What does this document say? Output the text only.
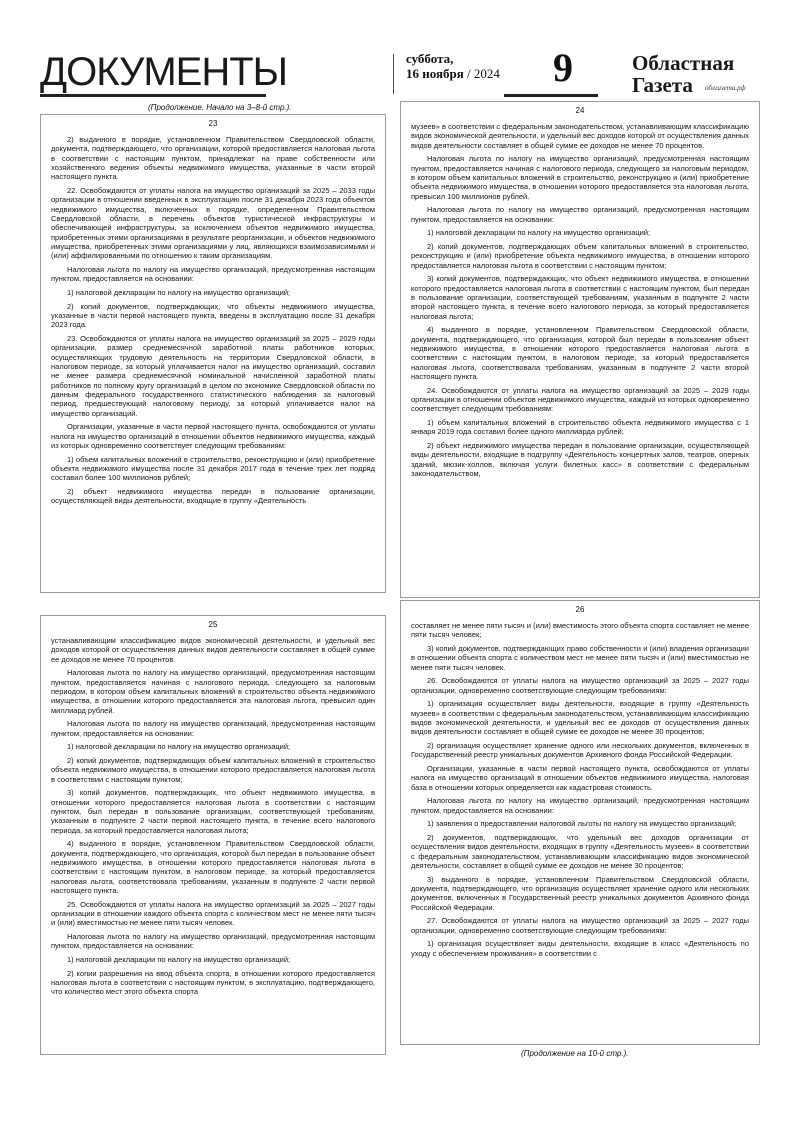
ДОКУМЕНТЫ	суббота,
16 ноября / 2024	9	Областная
Газета облгазета.рф
(Продолжение. Начало на 3–8-й стр.).
23

2) выданного в порядке, установленном Правительством Свердловской области, документа, подтверждающего, что организации, которой предоставляется налоговая льгота в соответствии с настоящим пунктом, принадлежат на праве собственности или хозяйственного ведения объекты недвижимого имущества, указанные в части второй настоящего пункта.

22. Освобождаются от уплаты налога на имущество организаций за 2025 – 2033 годы организации в отношении введенных в эксплуатацию после 31 декабря 2023 года объектов недвижимого имущества, включенных в порядке, определенном Правительством Свердловской области, в перечень объектов туристической инфраструктуры и обеспечивающей инфраструктуры, за исключением объектов недвижимого имущества, приобретенных этими организациями в результате реорганизации, и объектов недвижимого имущества, приобретенных этими организациями у лиц, являющихся взаимозависимыми и (или) аффилированными по отношению к таким организациям.

Налоговая льгота по налогу на имущество организаций, предусмотренная настоящим пунктом, предоставляется на основании:

1) налоговой декларации по налогу на имущество организаций;

2) копий документов, подтверждающих, что объекты недвижимого имущества, указанные в части первой настоящего пункта, введены в эксплуатацию после 31 декабря 2023 года.

23. Освобождаются от уплаты налога на имущество организаций за 2025 – 2029 годы организации, размер среднемесячной заработной платы работников которых, осуществляющих трудовую деятельность на территории Свердловской области, в налоговом периоде, за который уплачивается налог на имущество организаций, составил не менее размера среднемесячной номинальной начисленной заработной платы работников по полному кругу организаций в целом по экономике Свердловской области по данным федерального государственного статистического наблюдения за налоговый период, предшествующий налоговому периоду, за который уплачивается налог на имущество организаций.

Организации, указанные в части первой настоящего пункта, освобождаются от уплаты налога на имущество организаций в отношении объектов недвижимого имущества, каждый из которых одновременно соответствует следующим требованиям:

1) объем капитальных вложений в строительство, реконструкцию и (или) приобретение объекта недвижимого имущества после 31 декабря 2017 года в течение трех лет подряд составил более 100 миллионов рублей;

2) объект недвижимого имущества передан в пользование организации, осуществляющей виды деятельности, входящие в группу «Деятельность

24

музеев» в соответствии с федеральным законодательством, устанавливающим классификацию видов экономической деятельности, и удельный вес доходов которой от осуществления данных видов деятельности составляет в общей сумме ее доходов не менее 70 процентов.

Налоговая льгота по налогу на имущество организаций, предусмотренная настоящим пунктом, предоставляется начиная с налогового периода, следующего за налоговым периодом, в котором объем капитальных вложений в строительство, реконструкцию и (или) приобретение объекта недвижимого имущества, в отношении которого предоставляется эта налоговая льгота, превысил 100 миллионов рублей.

Налоговая льгота по налогу на имущество организаций, предусмотренная настоящим пунктом, предоставляется на основании:

1) налоговой декларации по налогу на имущество организаций;

2) копий документов, подтверждающих объем капитальных вложений в строительство, реконструкцию и (или) приобретение объекта недвижимого имущества, в отношении которого предоставляется налоговая льгота в соответствии с настоящим пунктом;

3) копий документов, подтверждающих, что объект недвижимого имущества, в отношении которого предоставляется налоговая льгота в соответствии с настоящим пунктом, был передан в пользование организации, соответствующей требованиям, указанным в подпункте 2 части второй настоящего пункта, в течение всего налогового периода, за который предоставляется налоговая льгота;

4) выданного в порядке, установленном Правительством Свердловской области, документа, подтверждающего, что организация, которой был передан в пользование объект недвижимого имущества, в отношении которого предоставляется налоговая льгота в соответствии с настоящим пунктом, в налоговом периоде, за который предоставляется налоговая льгота, соответствовала требованиям, указанным в подпункте 2 части второй настоящего пункта.

24. Освобождаются от уплаты налога на имущество организаций за 2025 – 2029 годы организации в отношении объектов недвижимого имущества, каждый из которых одновременно соответствует следующим требованиям:

1) объем капитальных вложений в строительство объекта недвижимого имущества с 1 января 2019 года составил более одного миллиарда рублей;

2) объект недвижимого имущества передан в пользование организации, осуществляющей виды деятельности, входящие в подгруппу «Деятельность концертных залов, театров, оперных зданий, мюзик-холлов, включая услуги билетных касс» в соответствии с федеральным законодательством,

25

устанавливающим классификацию видов экономической деятельности, и удельный вес доходов которой от осуществления данных видов деятельности составляет в общей сумме ее доходов не менее 70 процентов.

Налоговая льгота по налогу на имущество организаций, предусмотренная настоящим пунктом, предоставляется начиная с налогового периода, следующего за налоговым периодом, в котором объем капитальных вложений в строительство объекта недвижимого имущества, в отношении которого предоставляется эта налоговая льгота, превысил один миллиард рублей.

Налоговая льгота по налогу на имущество организаций, предусмотренная настоящим пунктом, предоставляется на основании:

1) налоговой декларации по налогу на имущество организаций;

2) копий документов, подтверждающих объем капитальных вложений в строительство объекта недвижимого имущества, в отношении которого предоставляется налоговая льгота в соответствии с настоящим пунктом;

3) копий документов, подтверждающих, что объект недвижимого имущества, в отношении которого предоставляется налоговая льгота в соответствии с настоящим пунктом, был передан в пользование организации, соответствующей требованиям, указанным в подпункте 2 части первой настоящего пункта, в течение всего налогового периода, за который предоставляется налоговая льгота;

4) выданного в порядке, установленном Правительством Свердловской области, документа, подтверждающего, что организация, которой был передан в пользование объект недвижимого имущества, в отношении которого предоставляется налоговая льгота в соответствии с настоящим пунктом, в налоговом периоде, за который предоставляется налоговая льгота, соответствовала требованиям, указанным в подпункте 2 части первой настоящего пункта.

25. Освобождаются от уплаты налога на имущество организаций за 2025 – 2027 годы организации в отношении каждого объекта спорта с количеством мест не менее пяти тысяч и (или) вместимостью не менее пяти тысяч человек.

Налоговая льгота по налогу на имущество организаций, предусмотренная настоящим пунктом, предоставляется на основании:

1) налоговой декларации по налогу на имущество организаций;

2) копии разрешения на ввод объекта спорта, в отношении которого предоставляется налоговая льгота в соответствии с настоящим пунктом, в эксплуатацию, подтверждающего, что количество мест этого объекта спорта

26

составляет не менее пяти тысяч и (или) вместимость этого объекта спорта составляет не менее пяти тысяч человек;

3) копий документов, подтверждающих право собственности и (или) владения организации в отношении объекта спорта с количеством мест не менее пяти тысяч и (или) вместимостью не менее пяти тысяч человек.

26. Освобождаются от уплаты налога на имущество организаций за 2025 – 2027 годы организации, одновременно соответствующие следующим требованиям:

1) организация осуществляет виды деятельности, входящие в группу «Деятельность музеев» в соответствии с федеральным законодательством, устанавливающим классификацию видов экономической деятельности, и удельный вес ее доходов от осуществления данных видов деятельности составляет в общей сумме ее доходов не менее 30 процентов;

2) организация осуществляет хранение одного или нескольких документов, включенных в Государственный реестр уникальных документов Архивного фонда Российской Федерации.

Организации, указанные в части первой настоящего пункта, освобождаются от уплаты налога на имущество организаций в отношении объектов недвижимого имущества, налоговая база в отношении которых определяется как кадастровая стоимость.

Налоговая льгота по налогу на имущество организаций, предусмотренная настоящим пунктом, предоставляется на основании:

1) заявления о предоставлении налоговой льготы по налогу на имущество организаций;

2) документов, подтверждающих, что удельный вес доходов организации от осуществления видов деятельности, входящих в группу «Деятельность музеев» в соответствии с федеральным законодательством, устанавливающим классификацию видов экономической деятельности, составляет в общей сумме ее доходов не менее 30 процентов;

3) выданного в порядке, установленном Правительством Свердловской области, документа, подтверждающего, что организация осуществляет хранение одного или нескольких документов, включенных в Государственный реестр уникальных документов Архивного фонда Российской Федерации.

27. Освобождаются от уплаты налога на имущество организаций за 2025 – 2027 годы организации, одновременно соответствующие следующим требованиям:

1) организация осуществляет виды деятельности, входящие в класс «Деятельность по уходу с обеспечением проживания» в соответствии с

(Продолжение на 10-й стр.).
